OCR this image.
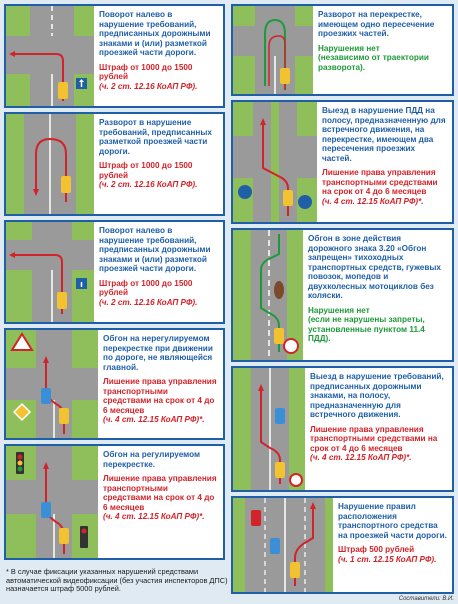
Поворот налево в нарушение требований, предписанных дорожными знаками и (или) разметкой проезжей части дороги.
Штраф от 1000 до 1500 рублей
(ч. 2 ст. 12.16 КоАП РФ).
Разворот в нарушение требований, предписанных разметкой проезжей части дороги.
Штраф от 1000 до 1500 рублей
(ч. 2 ст. 12.16 КоАП РФ).
Поворот налево в нарушение требований, предписанных дорожными знаками и (или) разметкой проезжей части дороги.
Штраф от 1000 до 1500 рублей
(ч. 2 ст. 12.16 КоАП РФ).
Обгон на нерегулируемом перекрестке при движении по дороге, не являющейся главной.
Лишение права управления транспортными средствами на срок от 4 до 6 месяцев
(ч. 4 ст. 12.15 КоАП РФ)*.
Обгон на регулируемом перекрестке.
Лишение права управления транспортными средствами на срок от 4 до 6 месяцев
(ч. 4 ст. 12.15 КоАП РФ)*.
* В случае фиксации указанных нарушений средствами автоматической видеофиксации (без участия инспекторов ДПС) назначается штраф 5000 рублей.
Разворот на перекрестке, имеющем одно пересечение проезжих частей.
Нарушения нет
(независимо от траектории разворота).
Выезд в нарушение ПДД на полосу, предназначенную для встречного движения, на перекрестке, имеющем два пересечения проезжих частей.
Лишение права управления транспортными средствами на срок от 4 до 6 месяцев
(ч. 4 ст. 12.15 КоАП РФ)*.
Обгон в зоне действия дорожного знака 3.20 «Обгон запрещен» тихоходных транспортных средств, гужевых повозок, мопедов и двухколесных мотоциклов без коляски.
Нарушения нет
(если не нарушены запреты, установленные пунктом 11.4 ПДД).
Выезд в нарушение требований, предписанных дорожными знаками, на полосу, предназначенную для встречного движения.
Лишение права управления транспортными средствами на срок от 4 до 6 месяцев
(ч. 4 ст. 12.15 КоАП РФ)*.
Нарушение правил расположения транспортного средства на проезжей части дороги.
Штраф 500 рублей
(ч. 1 ст. 12.15 КоАП РФ).
Составители: В.И.
